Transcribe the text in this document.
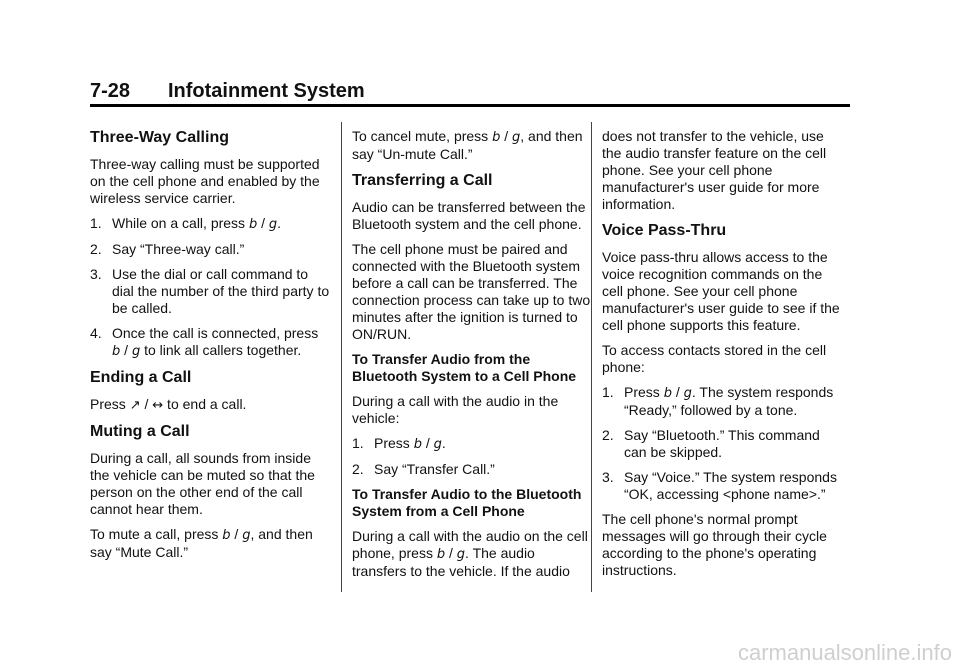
7-28 Infotainment System
Three-Way Calling

Three-way calling must be supported on the cell phone and enabled by the wireless service carrier.

1. While on a call, press b / g.
2. Say “Three-way call.”
3. Use the dial or call command to dial the number of the third party to be called.
4. Once the call is connected, press b / g to link all callers together.
Ending a Call

Press ↗ / ↔ to end a call.

Muting a Call

During a call, all sounds from inside the vehicle can be muted so that the person on the other end of the call cannot hear them.

To mute a call, press b / g, and then say “Mute Call.”

To cancel mute, press b / g, and then say “Un-mute Call.”

Transferring a Call

Audio can be transferred between the Bluetooth system and the cell phone.

The cell phone must be paired and connected with the Bluetooth system before a call can be transferred. The connection process can take up to two minutes after the ignition is turned to ON/RUN.

To Transfer Audio from the Bluetooth System to a Cell Phone

During a call with the audio in the vehicle:

1. Press b / g.
2. Say “Transfer Call.”

To Transfer Audio to the Bluetooth System from a Cell Phone

During a call with the audio on the cell phone, press b / g. The audio transfers to the vehicle. If the audio

does not transfer to the vehicle, use the audio transfer feature on the cell phone. See your cell phone manufacturer's user guide for more information.

Voice Pass-Thru

Voice pass-thru allows access to the voice recognition commands on the cell phone. See your cell phone manufacturer's user guide to see if the cell phone supports this feature.

To access contacts stored in the cell phone:

1. Press b / g. The system responds “Ready,” followed by a tone.
2. Say “Bluetooth.” This command can be skipped.
3. Say “Voice.” The system responds “OK, accessing <phone name>.”

The cell phone's normal prompt messages will go through their cycle according to the phone's operating instructions.

carmanualsonline.info
